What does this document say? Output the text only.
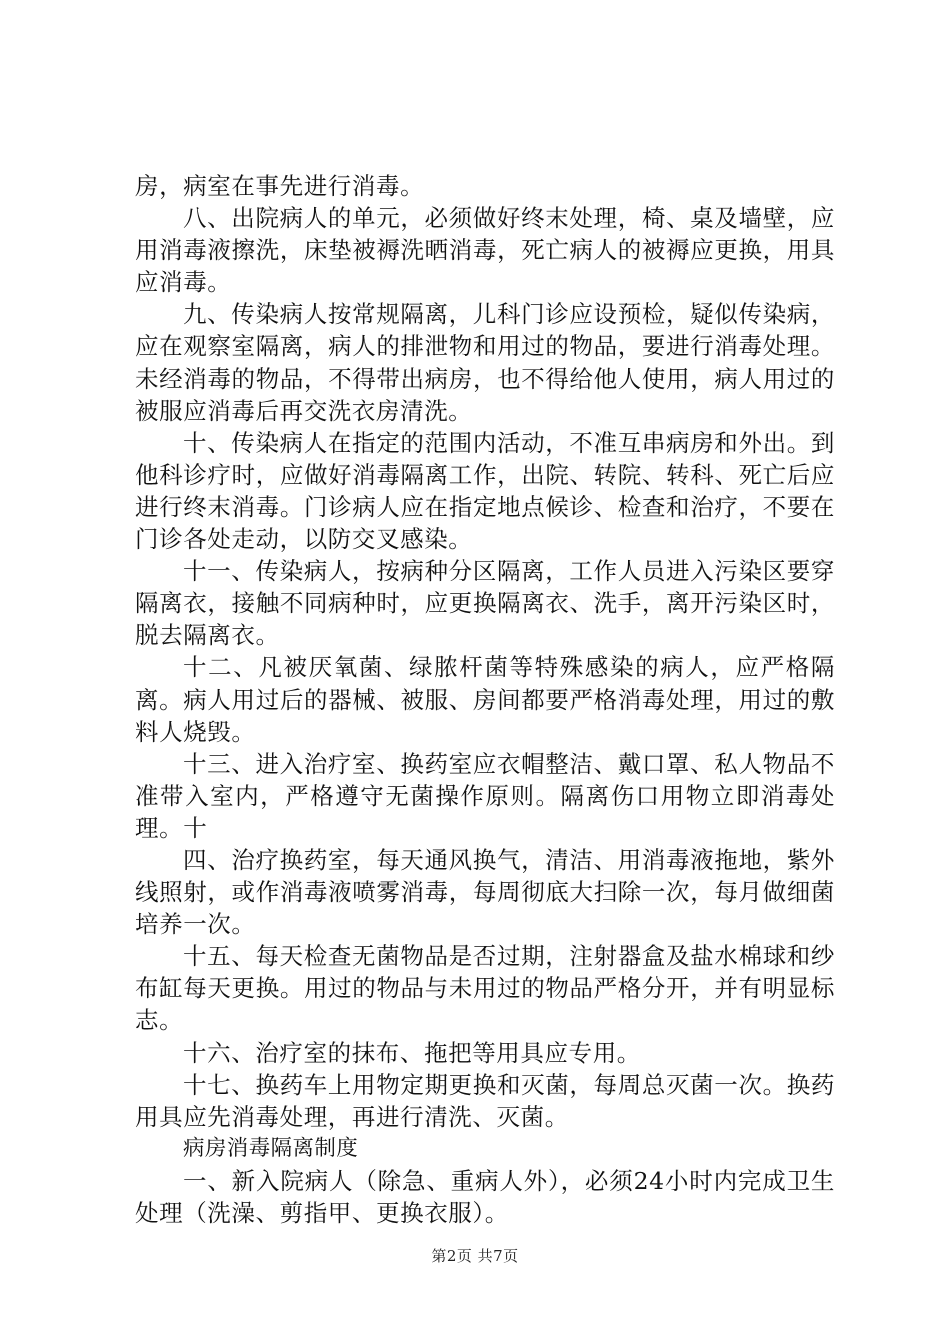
房，病室在事先进行消毒。

八、出院病人的单元，必须做好终末处理，椅、桌及墙壁，应用消毒液擦洗，床垫被褥洗晒消毒，死亡病人的被褥应更换，用具应消毒。

九、传染病人按常规隔离，儿科门诊应设预检，疑似传染病，应在观察室隔离，病人的排泄物和用过的物品，要进行消毒处理。未经消毒的物品，不得带出病房，也不得给他人使用，病人用过的被服应消毒后再交洗衣房清洗。

十、传染病人在指定的范围内活动，不准互串病房和外出。到他科诊疗时，应做好消毒隔离工作，出院、转院、转科、死亡后应进行终末消毒。门诊病人应在指定地点候诊、检查和治疗，不要在门诊各处走动，以防交叉感染。

十一、传染病人，按病种分区隔离，工作人员进入污染区要穿隔离衣，接触不同病种时，应更换隔离衣、洗手，离开污染区时，脱去隔离衣。

十二、凡被厌氧菌、绿脓杆菌等特殊感染的病人，应严格隔离。病人用过后的器械、被服、房间都要严格消毒处理，用过的敷料人烧毁。

十三、进入治疗室、换药室应衣帽整洁、戴口罩、私人物品不准带入室内，严格遵守无菌操作原则。隔离伤口用物立即消毒处理。十

四、治疗换药室，每天通风换气，清洁、用消毒液拖地，紫外线照射，或作消毒液喷雾消毒，每周彻底大扫除一次，每月做细菌培养一次。

十五、每天检查无菌物品是否过期，注射器盒及盐水棉球和纱布缸每天更换。用过的物品与未用过的物品严格分开，并有明显标志。

十六、治疗室的抹布、拖把等用具应专用。

十七、换药车上用物定期更换和灭菌，每周总灭菌一次。换药用具应先消毒处理，再进行清洗、灭菌。

病房消毒隔离制度

一、新入院病人（除急、重病人外），必须24小时内完成卫生处理（洗澡、剪指甲、更换衣服）。

第2页 共7页
